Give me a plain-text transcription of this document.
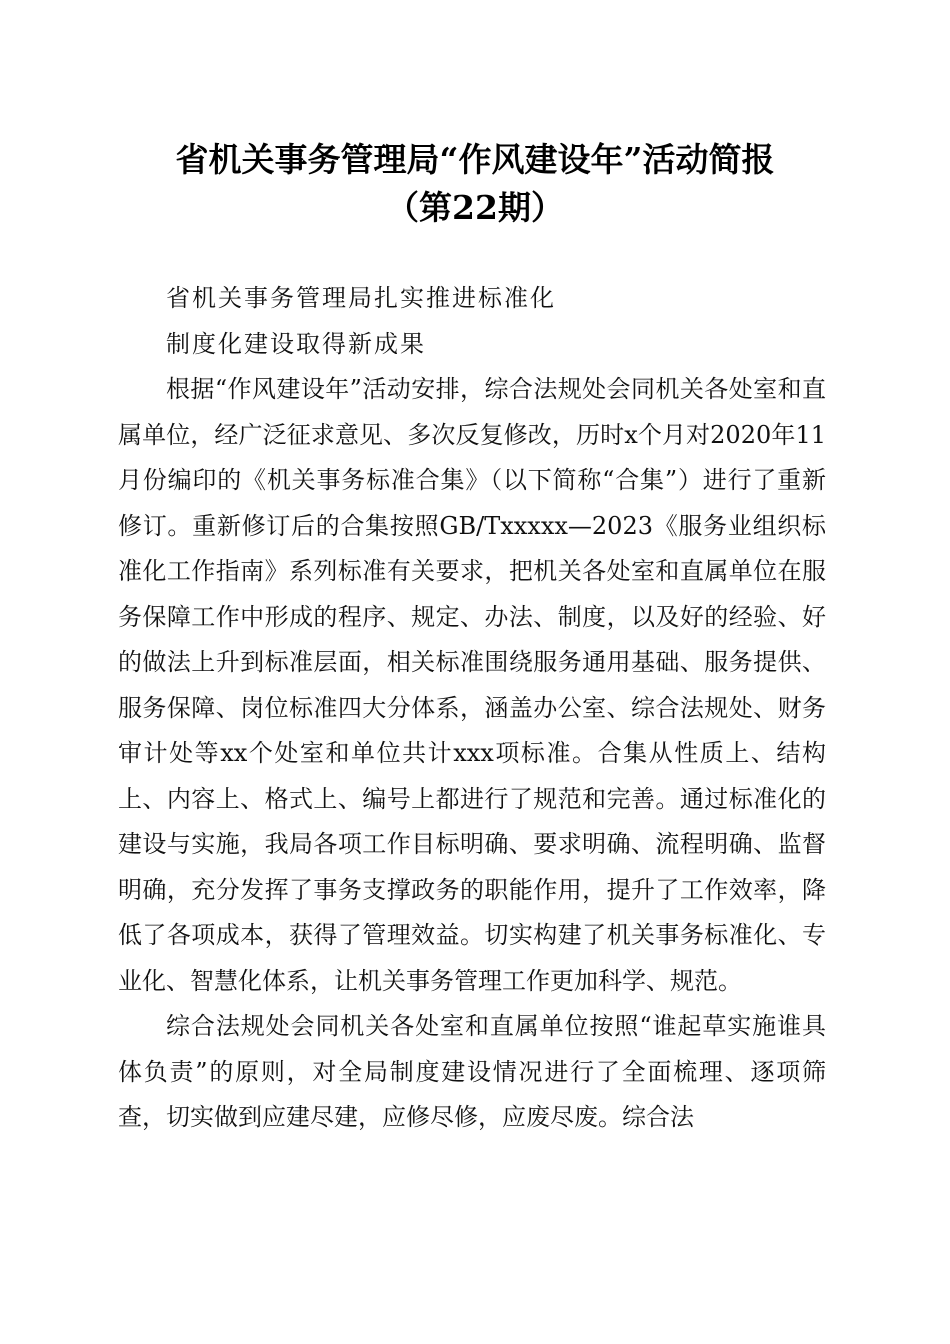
省机关事务管理局“作风建设年”活动简报
（第22期）

省机关事务管理局扎实推进标准化

制度化建设取得新成果

根据“作风建设年”活动安排，综合法规处会同机关各处室和直属单位，经广泛征求意见、多次反复修改，历时x个月对2020年11月份编印的《机关事务标准合集》（以下简称“合集”）进行了重新修订。重新修订后的合集按照GB/Txxxxx—2023《服务业组织标准化工作指南》系列标准有关要求，把机关各处室和直属单位在服务保障工作中形成的程序、规定、办法、制度，以及好的经验、好的做法上升到标准层面，相关标准围绕服务通用基础、服务提供、服务保障、岗位标准四大分体系，涵盖办公室、综合法规处、财务审计处等xx个处室和单位共计xxx项标准。合集从性质上、结构上、内容上、格式上、编号上都进行了规范和完善。通过标准化的建设与实施，我局各项工作目标明确、要求明确、流程明确、监督明确，充分发挥了事务支撑政务的职能作用，提升了工作效率，降低了各项成本，获得了管理效益。切实构建了机关事务标准化、专业化、智慧化体系，让机关事务管理工作更加科学、规范。

综合法规处会同机关各处室和直属单位按照“谁起草实施谁具体负责”的原则，对全局制度建设情况进行了全面梳理、逐项筛查，切实做到应建尽建，应修尽修，应废尽废。综合法
